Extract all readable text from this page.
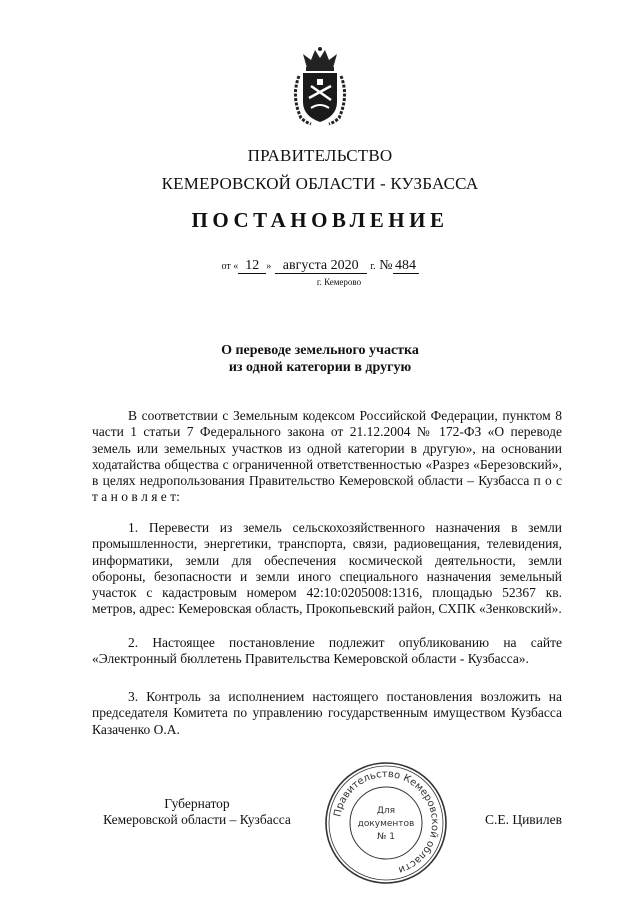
ПРАВИТЕЛЬСТВО
КЕМЕРОВСКОЙ ОБЛАСТИ - КУЗБАССА
ПОСТАНОВЛЕНИЕ
от « 12 » августа 2020 г. № 484
г. Кемерово
О переводе земельного участка
из одной категории в другую
В соответствии с Земельным кодексом Российской Федерации, пунктом 8 части 1 статьи 7 Федерального закона от 21.12.2004 № 172-ФЗ «О переводе земель или земельных участков из одной категории в другую», на основании ходатайства общества с ограниченной ответственностью «Разрез «Березовский», в целях недропользования Правительство Кемеровской области – Кузбасса п о с т а н о в л я е т:
1. Перевести из земель сельскохозяйственного назначения в земли промышленности, энергетики, транспорта, связи, радиовещания, телевидения, информатики, земли для обеспечения космической деятельности, земли обороны, безопасности и земли иного специального назначения земельный участок с кадастровым номером 42:10:0205008:1316, площадью 52367 кв. метров, адрес: Кемеровская область, Прокопьевский район, СХПК «Зенковский».
2. Настоящее постановление подлежит опубликованию на сайте «Электронный бюллетень Правительства Кемеровской области - Кузбасса».
3. Контроль за исполнением настоящего постановления возложить на председателя Комитета по управлению государственным имуществом Кузбасса Казаченко О.А.
Губернатор
Кемеровской области – Кузбасса	Правительство Кемеровской области
Для
документов
№ 1
С.Е. Цивилев
